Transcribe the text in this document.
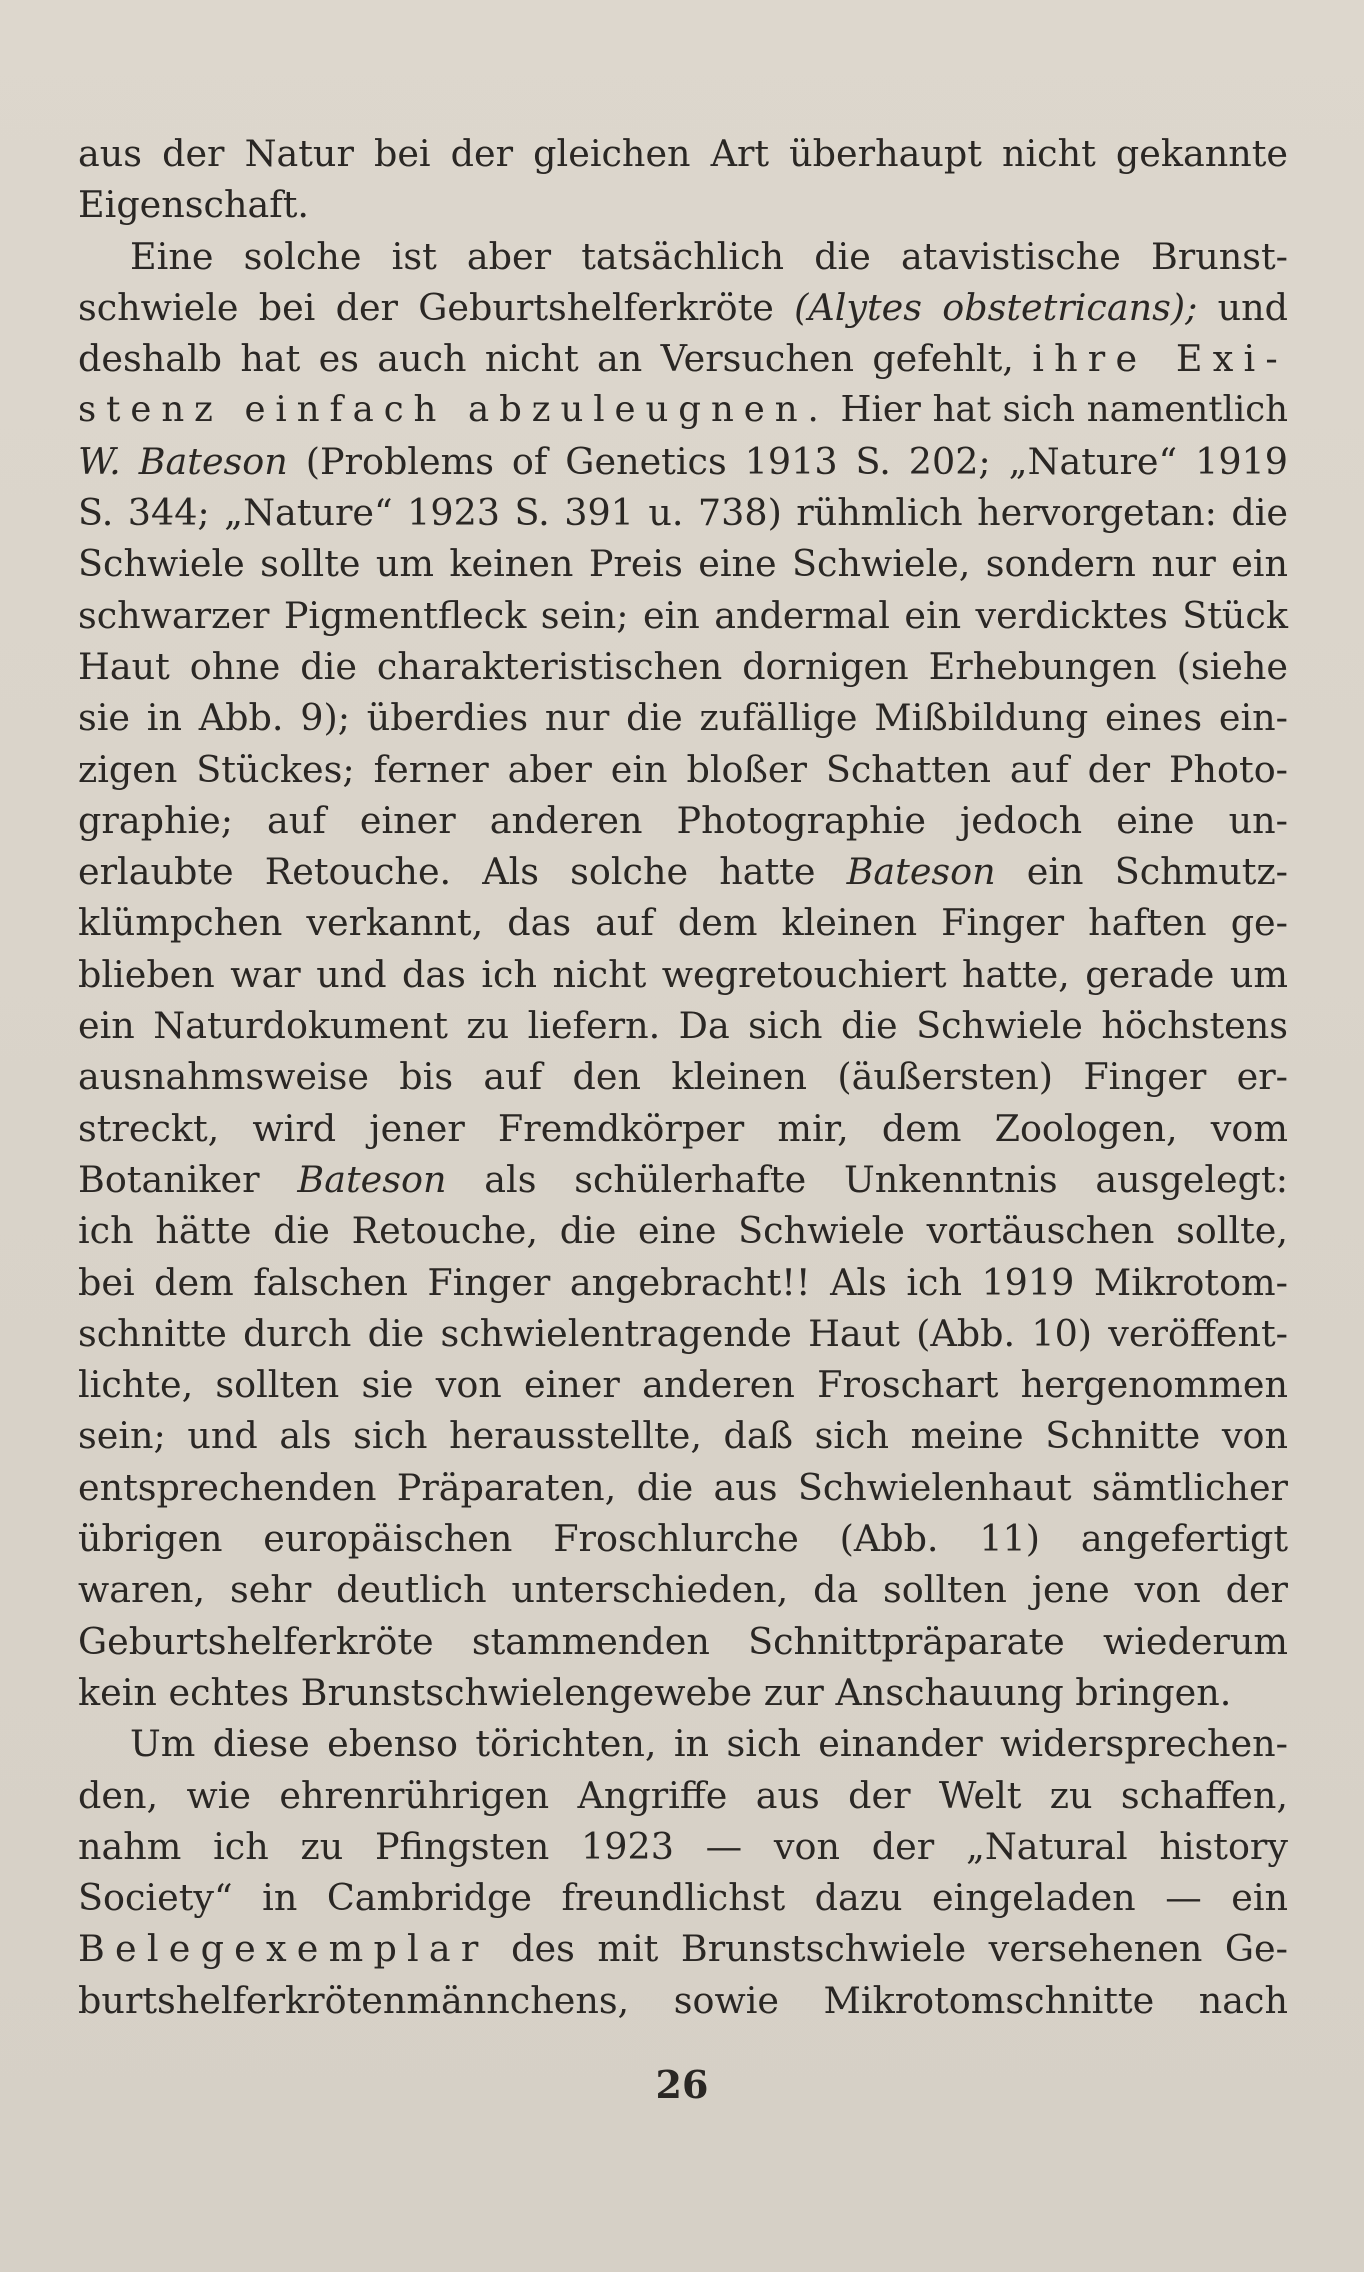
aus der Natur bei der gleichen Art überhaupt nicht gekannte
Eigenschaft.
Eine solche ist aber tatsächlich die atavistische Brunst-
schwiele bei der Geburtshelferkröte (Alytes obstetricans); und
deshalb hat es auch nicht an Versuchen gefehlt, ihre Exi-
stenz einfach abzuleugnen. Hier hat sich namentlich
W. Bateson (Problems of Genetics 1913 S. 202; „Nature“ 1919
S. 344; „Nature“ 1923 S. 391 u. 738) rühmlich hervorgetan: die
Schwiele sollte um keinen Preis eine Schwiele, sondern nur ein
schwarzer Pigmentfleck sein; ein andermal ein verdicktes Stück
Haut ohne die charakteristischen dornigen Erhebungen (siehe
sie in Abb. 9); überdies nur die zufällige Mißbildung eines ein-
zigen Stückes; ferner aber ein bloßer Schatten auf der Photo-
graphie; auf einer anderen Photographie jedoch eine un-
erlaubte Retouche. Als solche hatte Bateson ein Schmutz-
klümpchen verkannt, das auf dem kleinen Finger haften ge-
blieben war und das ich nicht wegretouchiert hatte, gerade um
ein Naturdokument zu liefern. Da sich die Schwiele höchstens
ausnahmsweise bis auf den kleinen (äußersten) Finger er-
streckt, wird jener Fremdkörper mir, dem Zoologen, vom
Botaniker Bateson als schülerhafte Unkenntnis ausgelegt:
ich hätte die Retouche, die eine Schwiele vortäuschen sollte,
bei dem falschen Finger angebracht!! Als ich 1919 Mikrotom-
schnitte durch die schwielentragende Haut (Abb. 10) veröffent-
lichte, sollten sie von einer anderen Froschart hergenommen
sein; und als sich herausstellte, daß sich meine Schnitte von
entsprechenden Präparaten, die aus Schwielenhaut sämtlicher
übrigen europäischen Froschlurche (Abb. 11) angefertigt
waren, sehr deutlich unterschieden, da sollten jene von der
Geburtshelferkröte stammenden Schnittpräparate wiederum
kein echtes Brunstschwielengewebe zur Anschauung bringen.
Um diese ebenso törichten, in sich einander widersprechen-
den, wie ehrenrührigen Angriffe aus der Welt zu schaffen,
nahm ich zu Pfingsten 1923 — von der „Natural history
Society“ in Cambridge freundlichst dazu eingeladen — ein
Belegexemplar des mit Brunstschwiele versehenen Ge-
burtshelferkrötenmännchens, sowie Mikrotomschnitte nach
26
